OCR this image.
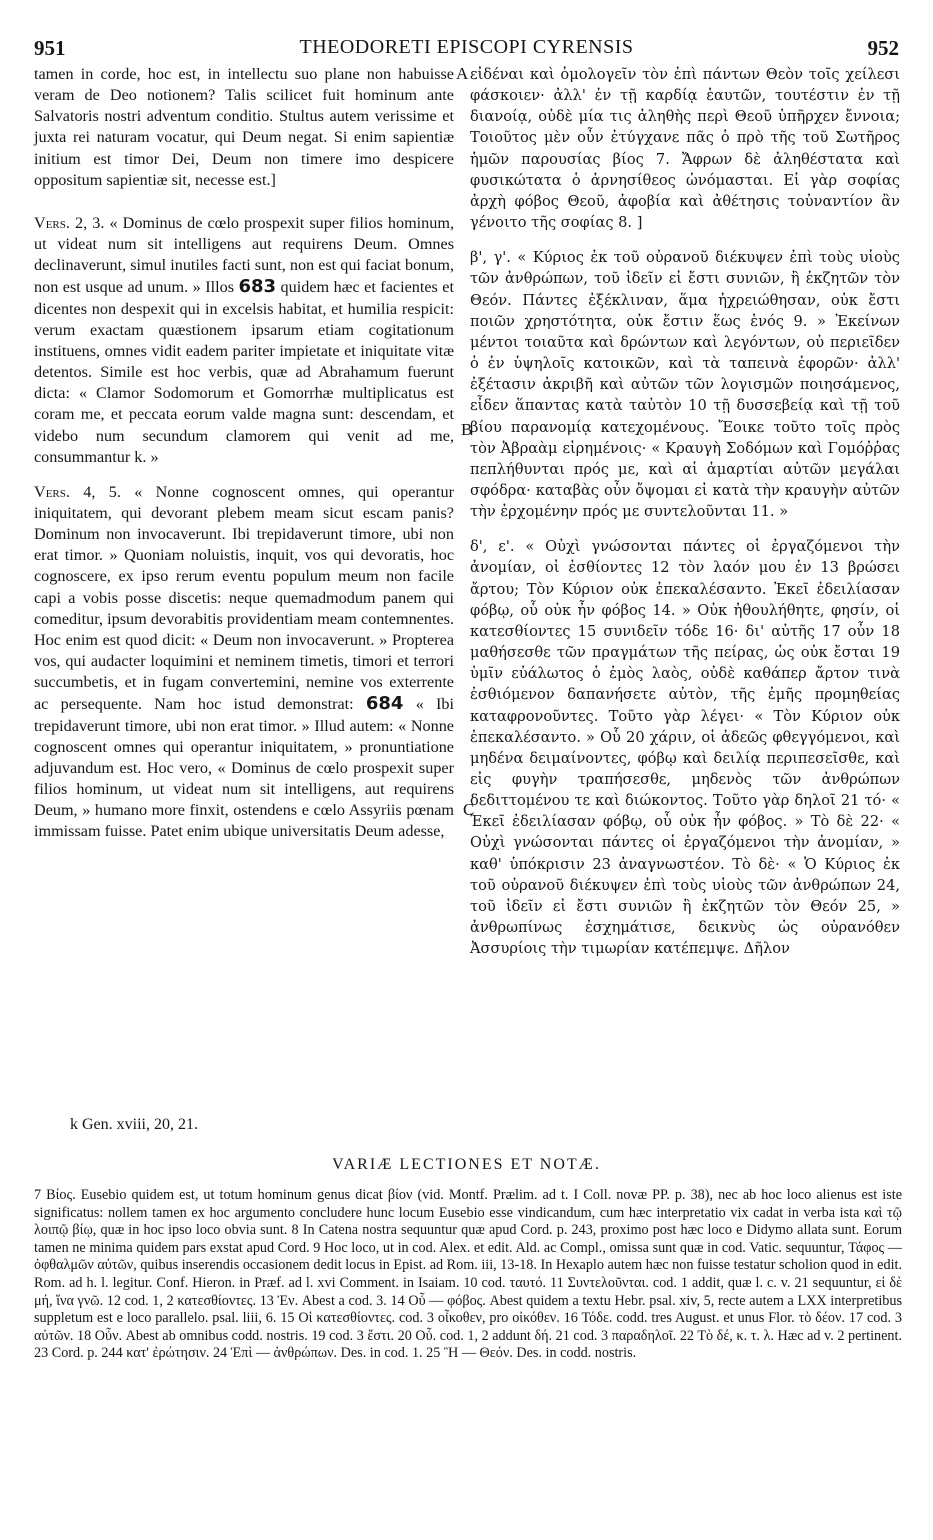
951	THEODORETI EPISCOPI CYRENSIS	952

tamen in corde, hoc est, in intellectu suo plane non habuisse veram de Deo notionem? Talis scilicet fuit hominum ante Salvatoris nostri adventum conditio. Stultus autem verissime et juxta rei naturam vocatur, qui Deum negat. Si enim sapientiæ initium est timor Dei, Deum non timere imo despicere oppositum sapientiæ sit, necesse est.]

Vers. 2, 3. « Dominus de cœlo prospexit super filios hominum, ut videat num sit intelligens aut requirens Deum. Omnes declinaverunt, simul inutiles facti sunt, non est qui faciat bonum, non est usque ad unum. » Illos 683 quidem hæc et facientes et dicentes non despexit qui in excelsis habitat, et humilia respicit: verum exactam quæstionem ipsarum etiam cogitationum instituens, omnes vidit eadem pariter impietate et iniquitate vitæ detentos. Simile est hoc verbis, quæ ad Abrahamum fuerunt dicta: « Clamor Sodomorum et Gomorrhæ multiplicatus est coram me, et peccata eorum valde magna sunt: descendam, et videbo num secundum clamorem qui venit ad me, consummantur k. »

Vers. 4, 5. « Nonne cognoscent omnes, qui operantur iniquitatem, qui devorant plebem meam sicut escam panis? Dominum non invocaverunt. Ibi trepidaverunt timore, ubi non erat timor. » Quoniam noluistis, inquit, vos qui devoratis, hoc cognoscere, ex ipso rerum eventu populum meum non facile capi a vobis posse discetis: neque quemadmodum panem qui comeditur, ipsum devorabitis providentiam meam contemnentes. Hoc enim est quod dicit: « Deum non invocaverunt. » Propterea vos, qui audacter loquimini et neminem timetis, timori et terrori succumbetis, et in fugam convertemini, nemine vos exterrente ac persequente. Nam hoc istud demonstrat: 684 « Ibi trepidaverunt timore, ubi non erat timor. » Illud autem: « Nonne cognoscent omnes qui operantur iniquitatem, » pronuntiatione adjuvandum est. Hoc vero, « Dominus de cœlo prospexit super filios hominum, ut videat num sit intelligens, aut requirens Deum, » humano more finxit, ostendens e cœlo Assyriis pœnam immissam fuisse. Patet enim ubique universitatis Deum adesse,

A
B
C

εἰδέναι καὶ ὁμολογεῖν τὸν ἐπὶ πάντων Θεὸν τοῖς χείλεσι φάσκοιεν· ἀλλ' ἐν τῇ καρδίᾳ ἑαυτῶν, τουτέστιν ἐν τῇ διανοίᾳ, οὐδὲ μία τις ἀληθὴς περὶ Θεοῦ ὑπῆρχεν ἔννοια; Τοιοῦτος μὲν οὖν ἐτύγχανε πᾶς ὁ πρὸ τῆς τοῦ Σωτῆρος ἡμῶν παρουσίας βίος 7. Ἄφρων δὲ ἀληθέστατα καὶ φυσικώτατα ὁ ἀρνησίθεος ὠνόμασται. Εἰ γὰρ σοφίας ἀρχὴ φόβος Θεοῦ, ἀφοβία καὶ ἀθέτησις τοὐναντίον ἂν γένοιτο τῆς σοφίας 8. ]

β', γ'. « Κύριος ἐκ τοῦ οὐρανοῦ διέκυψεν ἐπὶ τοὺς υἱοὺς τῶν ἀνθρώπων, τοῦ ἰδεῖν εἰ ἔστι συνιῶν, ἢ ἐκζητῶν τὸν Θεόν. Πάντες ἐξέκλιναν, ἅμα ἠχρειώθησαν, οὐκ ἔστι ποιῶν χρηστότητα, οὐκ ἔστιν ἕως ἑνός 9. » Ἐκείνων μέντοι τοιαῦτα καὶ δρώντων καὶ λεγόντων, οὐ περιεῖδεν ὁ ἐν ὑψηλοῖς κατοικῶν, καὶ τὰ ταπεινὰ ἐφορῶν· ἀλλ' ἐξέτασιν ἀκριβῆ καὶ αὐτῶν τῶν λογισμῶν ποιησάμενος, εἶδεν ἅπαντας κατὰ ταὐτὸν 10 τῇ δυσσεβείᾳ καὶ τῇ τοῦ βίου παρανομίᾳ κατεχομένους. Ἔοικε τοῦτο τοῖς πρὸς τὸν Ἀβραὰμ εἰρημένοις· « Κραυγὴ Σοδόμων καὶ Γομόῤῥας πεπλήθυνται πρός με, καὶ αἱ ἁμαρτίαι αὐτῶν μεγάλαι σφόδρα· καταβὰς οὖν ὄψομαι εἰ κατὰ τὴν κραυγὴν αὐτῶν τὴν ἐρχομένην πρός με συντελοῦνται 11. »

δ', ε'. « Οὐχὶ γνώσονται πάντες οἱ ἐργαζόμενοι τὴν ἀνομίαν, οἱ ἐσθίοντες 12 τὸν λαόν μου ἐν 13 βρώσει ἄρτου; Τὸν Κύριον οὐκ ἐπεκαλέσαντο. Ἐκεῖ ἐδειλίασαν φόβῳ, οὗ οὐκ ἦν φόβος 14. » Οὐκ ἠθουλήθητε, φησίν, οἱ κατεσθίοντες 15 συνιδεῖν τόδε 16· δι' αὐτῆς 17 οὖν 18 μαθήσεσθε τῶν πραγμάτων τῆς πείρας, ὡς οὐκ ἔσται 19 ὑμῖν εὐάλωτος ὁ ἐμὸς λαὸς, οὐδὲ καθάπερ ἄρτον τινὰ ἐσθιόμενον δαπανήσετε αὐτὸν, τῆς ἐμῆς προμηθείας καταφρονοῦντες. Τοῦτο γὰρ λέγει· « Τὸν Κύριον οὐκ ἐπεκαλέσαντο. » Οὗ 20 χάριν, οἱ ἀδεῶς φθεγγόμενοι, καὶ μηδένα δειμαίνοντες, φόβῳ καὶ δειλίᾳ περιπεσεῖσθε, καὶ εἰς φυγὴν τραπήσεσθε, μηδενὸς τῶν ἀνθρώπων δεδιττομένου τε καὶ διώκοντος. Τοῦτο γὰρ δηλοῖ 21 τό· « Ἐκεῖ ἐδειλίασαν φόβῳ, οὗ οὐκ ἦν φόβος. » Τὸ δὲ 22· « Οὐχὶ γνώσονται πάντες οἱ ἐργαζόμενοι τὴν ἀνομίαν, » καθ' ὑπόκρισιν 23 ἀναγνωστέον. Τὸ δὲ· « Ὁ Κύριος ἐκ τοῦ οὐρανοῦ διέκυψεν ἐπὶ τοὺς υἱοὺς τῶν ἀνθρώπων 24, τοῦ ἰδεῖν εἰ ἔστι συνιῶν ἢ ἐκζητῶν τὸν Θεόν 25, » ἀνθρωπίνως ἐσχημάτισε, δεικνὺς ὡς οὐρανόθεν Ἀσσυρίοις τὴν τιμωρίαν κατέπεμψε. Δῆλον

k Gen. xviii, 20, 21.
VARIÆ LECTIONES ET NOTÆ.

7 Βίος. Eusebio quidem est, ut totum hominum genus dicat βίον (vid. Montf. Prælim. ad t. I Coll. novæ PP. p. 38), nec ab hoc loco alienus est iste significatus: nollem tamen ex hoc argumento concludere hunc locum Eusebio esse vindicandum, cum hæc interpretatio vix cadat in verba ista καὶ τῷ λοιπῷ βίῳ, quæ in hoc ipso loco obvia sunt. 8 In Catena nostra sequuntur quæ apud Cord. p. 243, proximo post hæc loco e Didymo allata sunt. Eorum tamen ne minima quidem pars exstat apud Cord. 9 Hoc loco, ut in cod. Alex. et edit. Ald. ac Compl., omissa sunt quæ in cod. Vatic. sequuntur, Τάφος — ὀφθαλμῶν αὐτῶν, quibus inserendis occasionem dedit locus in Epist. ad Rom. iii, 13-18. In Hexaplo autem hæc non fuisse testatur scholion quod in edit. Rom. ad h. l. legitur. Conf. Hieron. in Præf. ad l. xvi Comment. in Isaiam. 10 cod. ταυτό. 11 Συντελοῦνται. cod. 1 addit, quæ l. c. v. 21 sequuntur, εἰ δὲ μή, ἵνα γνῶ. 12 cod. 1, 2 κατεσθίοντες. 13 Ἐν. Abest a cod. 3. 14 Οὗ — φόβος. Abest quidem a textu Hebr. psal. xiv, 5, recte autem a LXX interpretibus suppletum est e loco parallelo. psal. liii, 6. 15 Οἱ κατεσθίοντες. cod. 3 οἶκοθεν, pro οἰκόθεν. 16 Τόδε. codd. tres August. et unus Flor. τὸ δέον. 17 cod. 3 αὐτῶν. 18 Οὖν. Abest ab omnibus codd. nostris. 19 cod. 3 ἔστι. 20 Οὗ. cod. 1, 2 addunt δή. 21 cod. 3 παραδηλοῖ. 22 Τὸ δέ, κ. τ. λ. Hæc ad v. 2 pertinent. 23 Cord. p. 244 κατ' ἐρώτησιν. 24 Ἐπὶ — ἀνθρώπων. Des. in cod. 1. 25 Ἢ — Θεόν. Des. in codd. nostris.
